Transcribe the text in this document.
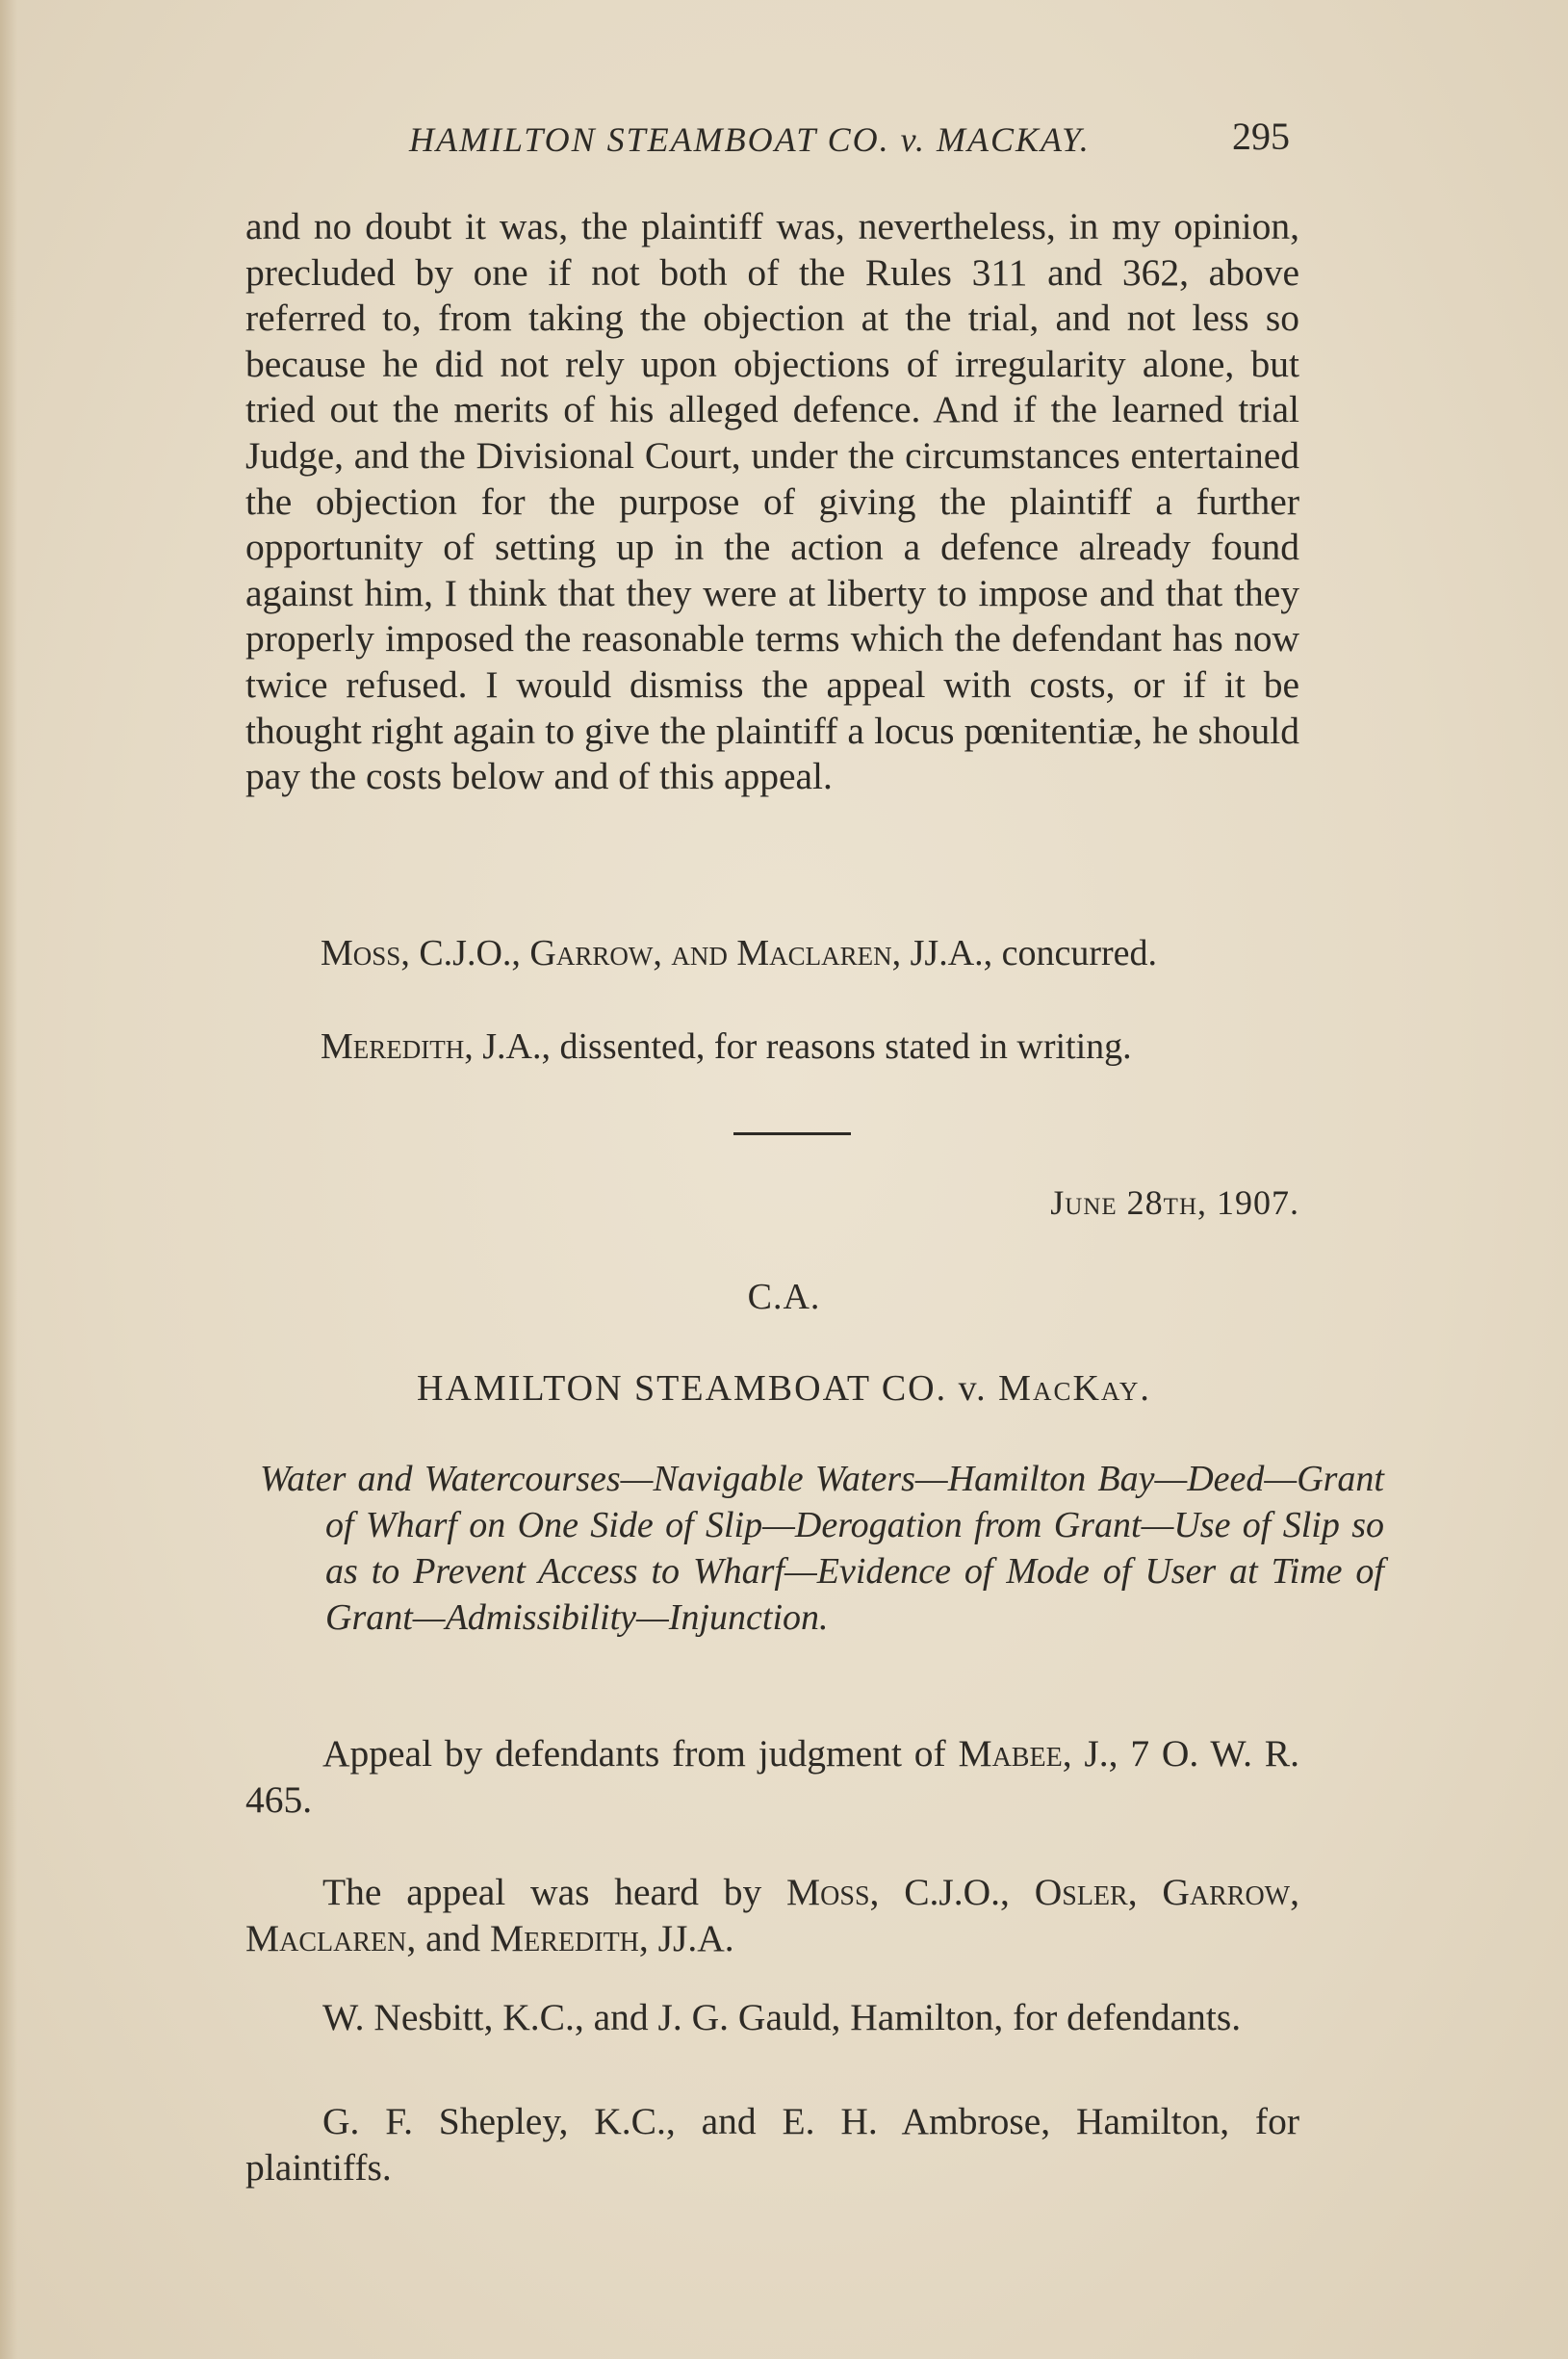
HAMILTON STEAMBOAT CO. v. MACKAY.	295

and no doubt it was, the plaintiff was, nevertheless, in my opinion, precluded by one if not both of the Rules 311 and 362, above referred to, from taking the objection at the trial, and not less so because he did not rely upon objections of irregularity alone, but tried out the merits of his alleged defence. And if the learned trial Judge, and the Divisional Court, under the circumstances entertained the objection for the purpose of giving the plaintiff a further opportunity of setting up in the action a defence already found against him, I think that they were at liberty to impose and that they properly imposed the reasonable terms which the defendant has now twice refused. I would dismiss the appeal with costs, or if it be thought right again to give the plaintiff a locus pœnitentiæ, he should pay the costs below and of this appeal.

Moss, C.J.O., Garrow, and Maclaren, JJ.A., concurred.
Meredith, J.A., dissented, for reasons stated in writing.
June 28th, 1907.
C.A.
HAMILTON STEAMBOAT CO. v. MacKay.

Water and Watercourses—Navigable Waters—Hamilton Bay—Deed—Grant of Wharf on One Side of Slip—Derogation from Grant—Use of Slip so as to Prevent Access to Wharf—Evidence of Mode of User at Time of Grant—Admissibility—Injunction.

Appeal by defendants from judgment of Mabee, J., 7 O. W. R. 465.

The appeal was heard by Moss, C.J.O., Osler, Garrow, Maclaren, and Meredith, JJ.A.

W. Nesbitt, K.C., and J. G. Gauld, Hamilton, for defendants.

G. F. Shepley, K.C., and E. H. Ambrose, Hamilton, for plaintiffs.
